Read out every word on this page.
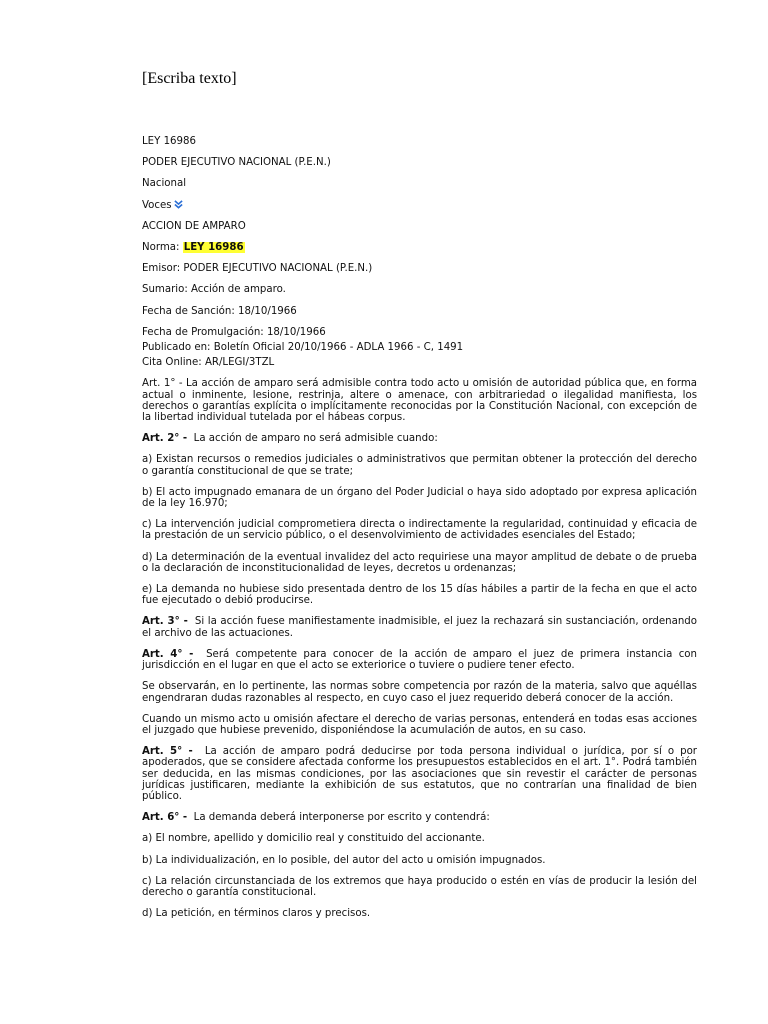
[Escriba texto]

LEY 16986

PODER EJECUTIVO NACIONAL (P.E.N.)

Nacional

Voces

ACCION DE AMPARO

Norma: LEY 16986

Emisor: PODER EJECUTIVO NACIONAL (P.E.N.)

Sumario: Acción de amparo.

Fecha de Sanción: 18/10/1966

Fecha de Promulgación: 18/10/1966

Publicado en: Boletín Oficial 20/10/1966 - ADLA 1966 - C, 1491

Cita Online: AR/LEGI/3TZL

Art. 1° - La acción de amparo será admisible contra todo acto u omisión de autoridad pública que, en forma actual o inminente, lesione, restrinja, altere o amenace, con arbitrariedad o ilegalidad manifiesta, los derechos o garantías explícita o implícitamente reconocidas por la Constitución Nacional, con excepción de la libertad individual tutelada por el hábeas corpus.

Art. 2° - La acción de amparo no será admisible cuando:

a) Existan recursos o remedios judiciales o administrativos que permitan obtener la protección del derecho o garantía constitucional de que se trate;

b) El acto impugnado emanara de un órgano del Poder Judicial o haya sido adoptado por expresa aplicación de la ley 16.970;

c) La intervención judicial comprometiera directa o indirectamente la regularidad, continuidad y eficacia de la prestación de un servicio público, o el desenvolvimiento de actividades esenciales del Estado;

d) La determinación de la eventual invalidez del acto requiriese una mayor amplitud de debate o de prueba o la declaración de inconstitucionalidad de leyes, decretos u ordenanzas;

e) La demanda no hubiese sido presentada dentro de los 15 días hábiles a partir de la fecha en que el acto fue ejecutado o debió producirse.

Art. 3° - Si la acción fuese manifiestamente inadmisible, el juez la rechazará sin sustanciación, ordenando el archivo de las actuaciones.

Art. 4° - Será competente para conocer de la acción de amparo el juez de primera instancia con jurisdicción en el lugar en que el acto se exteriorice o tuviere o pudiere tener efecto.

Se observarán, en lo pertinente, las normas sobre competencia por razón de la materia, salvo que aquéllas engendraran dudas razonables al respecto, en cuyo caso el juez requerido deberá conocer de la acción.

Cuando un mismo acto u omisión afectare el derecho de varias personas, entenderá en todas esas acciones el juzgado que hubiese prevenido, disponiéndose la acumulación de autos, en su caso.

Art. 5° - La acción de amparo podrá deducirse por toda persona individual o jurídica, por sí o por apoderados, que se considere afectada conforme los presupuestos establecidos en el art. 1°. Podrá también ser deducida, en las mismas condiciones, por las asociaciones que sin revestir el carácter de personas jurídicas justificaren, mediante la exhibición de sus estatutos, que no contrarían una finalidad de bien público.

Art. 6° - La demanda deberá interponerse por escrito y contendrá:

a) El nombre, apellido y domicilio real y constituido del accionante.

b) La individualización, en lo posible, del autor del acto u omisión impugnados.

c) La relación circunstanciada de los extremos que haya producido o estén en vías de producir la lesión del derecho o garantía constitucional.

d) La petición, en términos claros y precisos.
